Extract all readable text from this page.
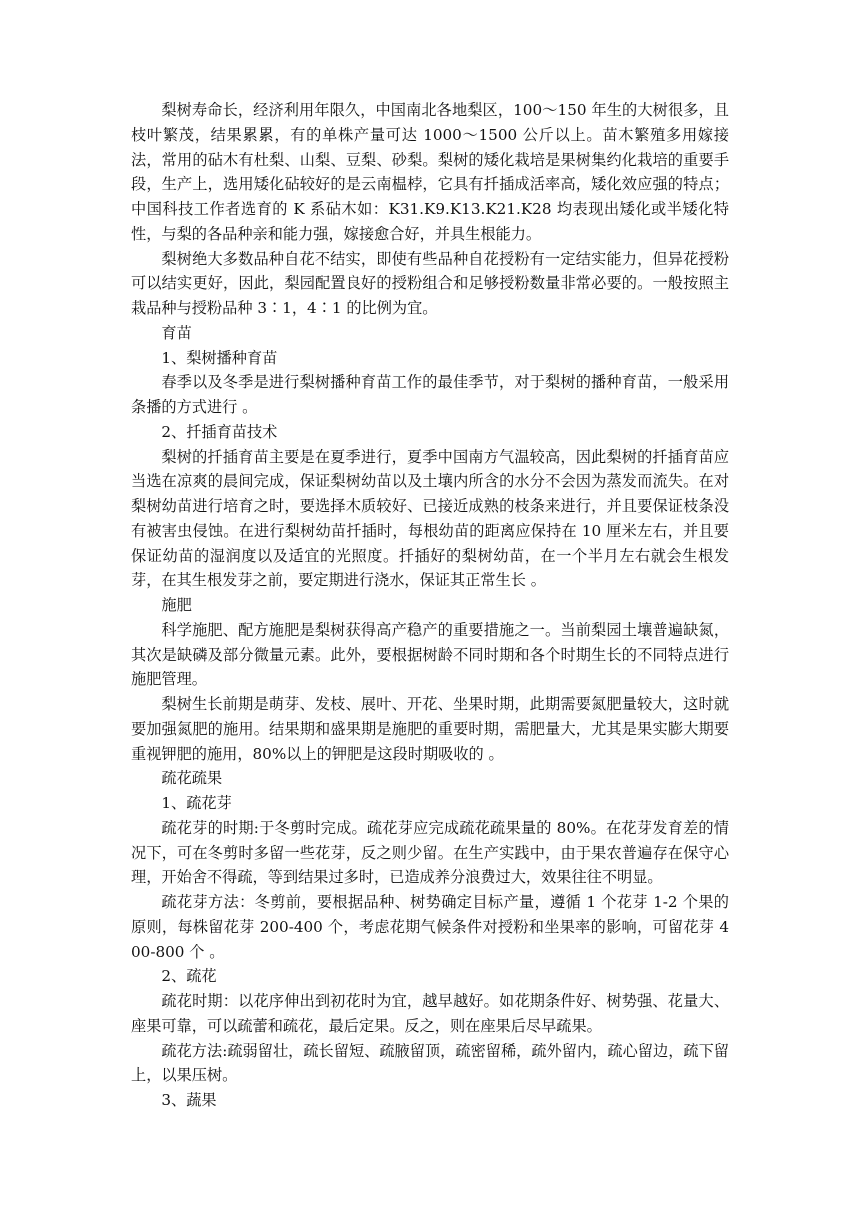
梨树寿命长，经济利用年限久，中国南北各地梨区，100～150 年生的大树很多，且枝叶繁茂，结果累累，有的单株产量可达 1000～1500 公斤以上。苗木繁殖多用嫁接法，常用的砧木有杜梨、山梨、豆梨、砂梨。梨树的矮化栽培是果树集约化栽培的重要手段，生产上，选用矮化砧较好的是云南榅桲，它具有扦插成活率高，矮化效应强的特点；中国科技工作者选育的 K 系砧木如：K31.K9.K13.K21.K28 均表现出矮化或半矮化特性，与梨的各品种亲和能力强，嫁接愈合好，并具生根能力。

梨树绝大多数品种自花不结实，即使有些品种自花授粉有一定结实能力，但异花授粉可以结实更好，因此，梨园配置良好的授粉组合和足够授粉数量非常必要的。一般按照主栽品种与授粉品种 3∶1，4∶1 的比例为宜。

育苗

1、梨树播种育苗

春季以及冬季是进行梨树播种育苗工作的最佳季节，对于梨树的播种育苗，一般采用条播的方式进行 。

2、扦插育苗技术

梨树的扦插育苗主要是在夏季进行，夏季中国南方气温较高，因此梨树的扦插育苗应当选在凉爽的晨间完成，保证梨树幼苗以及土壤内所含的水分不会因为蒸发而流失。在对梨树幼苗进行培育之时，要选择木质较好、已接近成熟的枝条来进行，并且要保证枝条没有被害虫侵蚀。在进行梨树幼苗扦插时，每根幼苗的距离应保持在 10 厘米左右，并且要保证幼苗的湿润度以及适宜的光照度。扦插好的梨树幼苗，在一个半月左右就会生根发芽，在其生根发芽之前，要定期进行浇水，保证其正常生长 。

施肥

科学施肥、配方施肥是梨树获得高产稳产的重要措施之一。当前梨园土壤普遍缺氮，其次是缺磷及部分微量元素。此外，要根据树龄不同时期和各个时期生长的不同特点进行施肥管理。

梨树生长前期是萌芽、发枝、展叶、开花、坐果时期，此期需要氮肥量较大，这时就要加强氮肥的施用。结果期和盛果期是施肥的重要时期，需肥量大，尤其是果实膨大期要重视钾肥的施用，80%以上的钾肥是这段时期吸收的 。

疏花疏果

1、疏花芽

疏花芽的时期:于冬剪时完成。疏花芽应完成疏花疏果量的 80%。在花芽发育差的情况下，可在冬剪时多留一些花芽，反之则少留。在生产实践中，由于果农普遍存在保守心理，开始舍不得疏，等到结果过多时，已造成养分浪费过大，效果往往不明显。

疏花芽方法：冬剪前，要根据品种、树势确定目标产量，遵循 1 个花芽 1-2 个果的原则，每株留花芽 200-400 个，考虑花期气候条件对授粉和坐果率的影响，可留花芽 400-800 个 。

2、疏花

疏花时期：以花序伸出到初花时为宜，越早越好。如花期条件好、树势强、花量大、座果可靠，可以疏蕾和疏花，最后定果。反之，则在座果后尽早疏果。

疏花方法:疏弱留壮，疏长留短、疏腋留顶，疏密留稀，疏外留内，疏心留边，疏下留上，以果压树。

3、蔬果
